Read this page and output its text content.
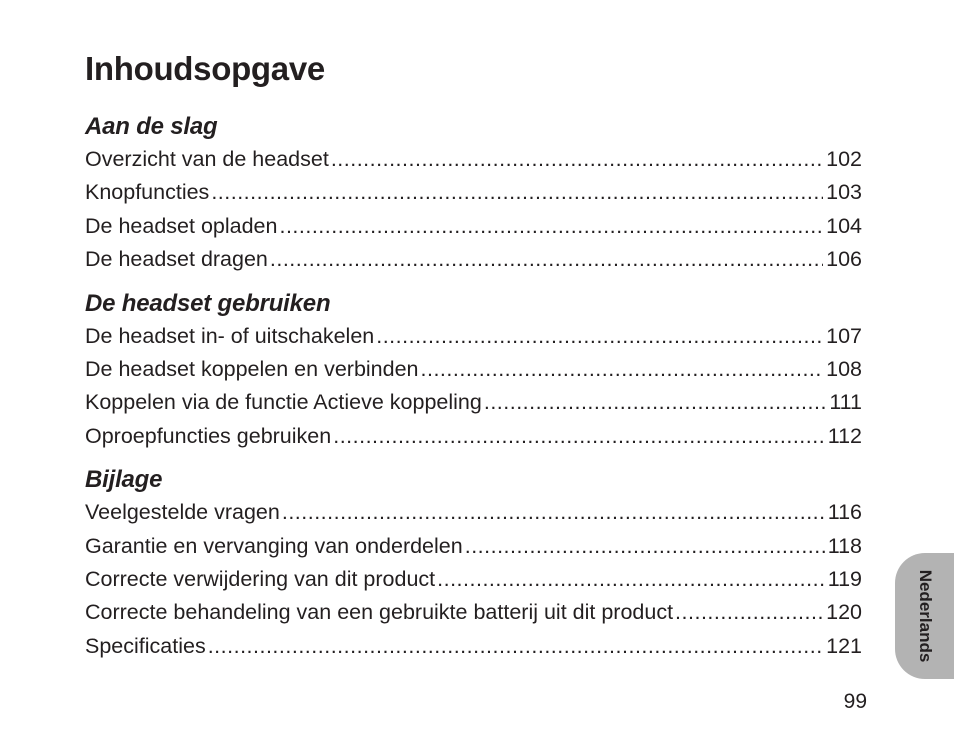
Inhoudsopgave
Aan de slag
Overzicht van de headset .....	102
Knopfuncties .....	103
De headset opladen .....	104
De headset dragen .....	106
De headset gebruiken
De headset in- of uitschakelen .....	107
De headset koppelen en verbinden .....	108
Koppelen via de functie Actieve koppeling .....	111
Oproepfuncties gebruiken .....	112
Bijlage
Veelgestelde vragen .....	116
Garantie en vervanging van onderdelen .....	118
Correcte verwijdering van dit product .....	119
Correcte behandeling van een gebruikte batterij uit dit product .....	120
Specificaties .....	121	Nederlands
99
